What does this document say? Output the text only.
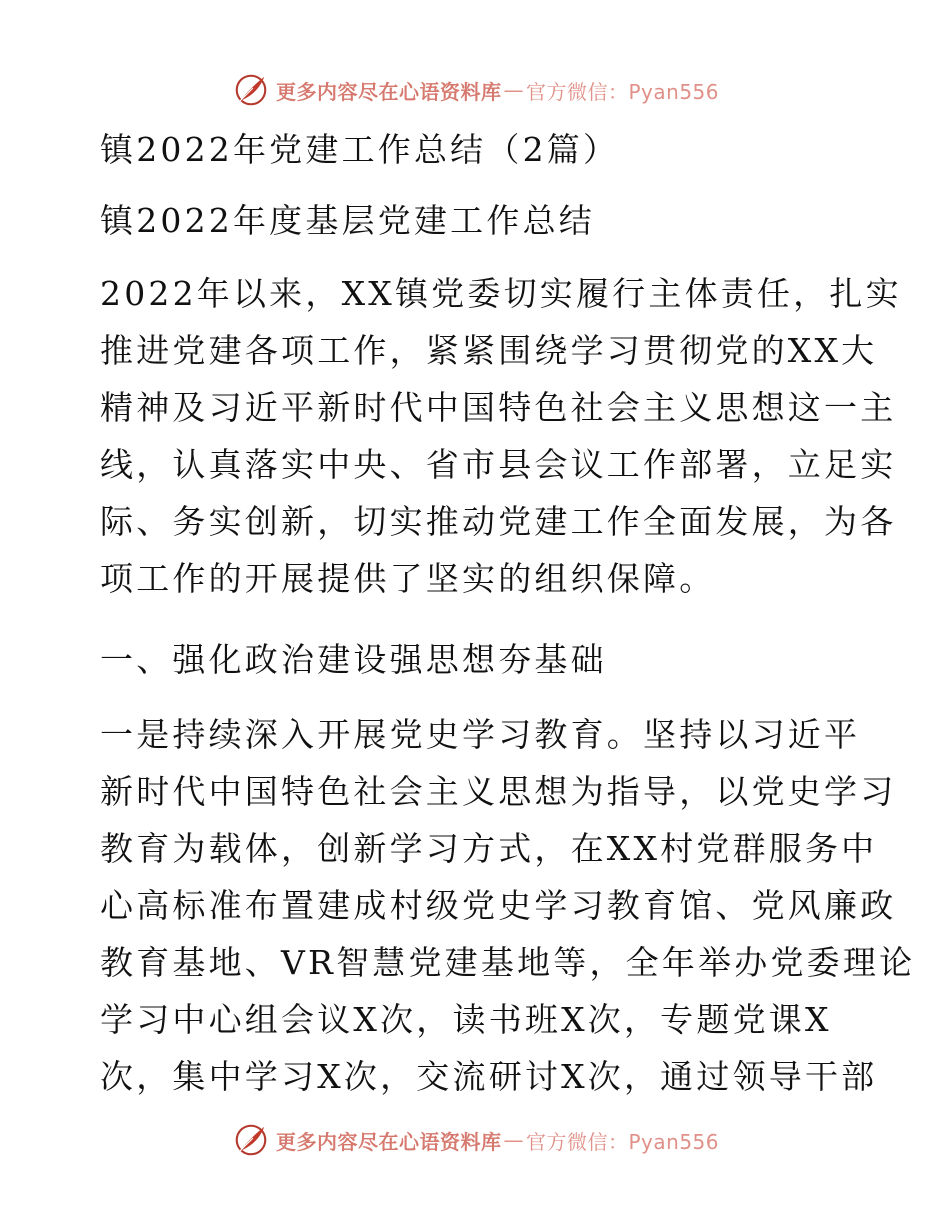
更多内容尽在心语资料库 — 官方微信：Pyan556
镇2022年党建工作总结（2篇）
镇2022年度基层党建工作总结
2022年以来，XX镇党委切实履行主体责任，扎实
推进党建各项工作，紧紧围绕学习贯彻党的XX大
精神及习近平新时代中国特色社会主义思想这一主
线，认真落实中央、省市县会议工作部署，立足实
际、务实创新，切实推动党建工作全面发展，为各
项工作的开展提供了坚实的组织保障。
一、强化政治建设强思想夯基础
一是持续深入开展党史学习教育。坚持以习近平
新时代中国特色社会主义思想为指导，以党史学习
教育为载体，创新学习方式，在XX村党群服务中
心高标准布置建成村级党史学习教育馆、党风廉政
教育基地、VR智慧党建基地等，全年举办党委理论
学习中心组会议X次，读书班X次，专题党课X
次，集中学习X次，交流研讨X次，通过领导干部
更多内容尽在心语资料库 — 官方微信：Pyan556
